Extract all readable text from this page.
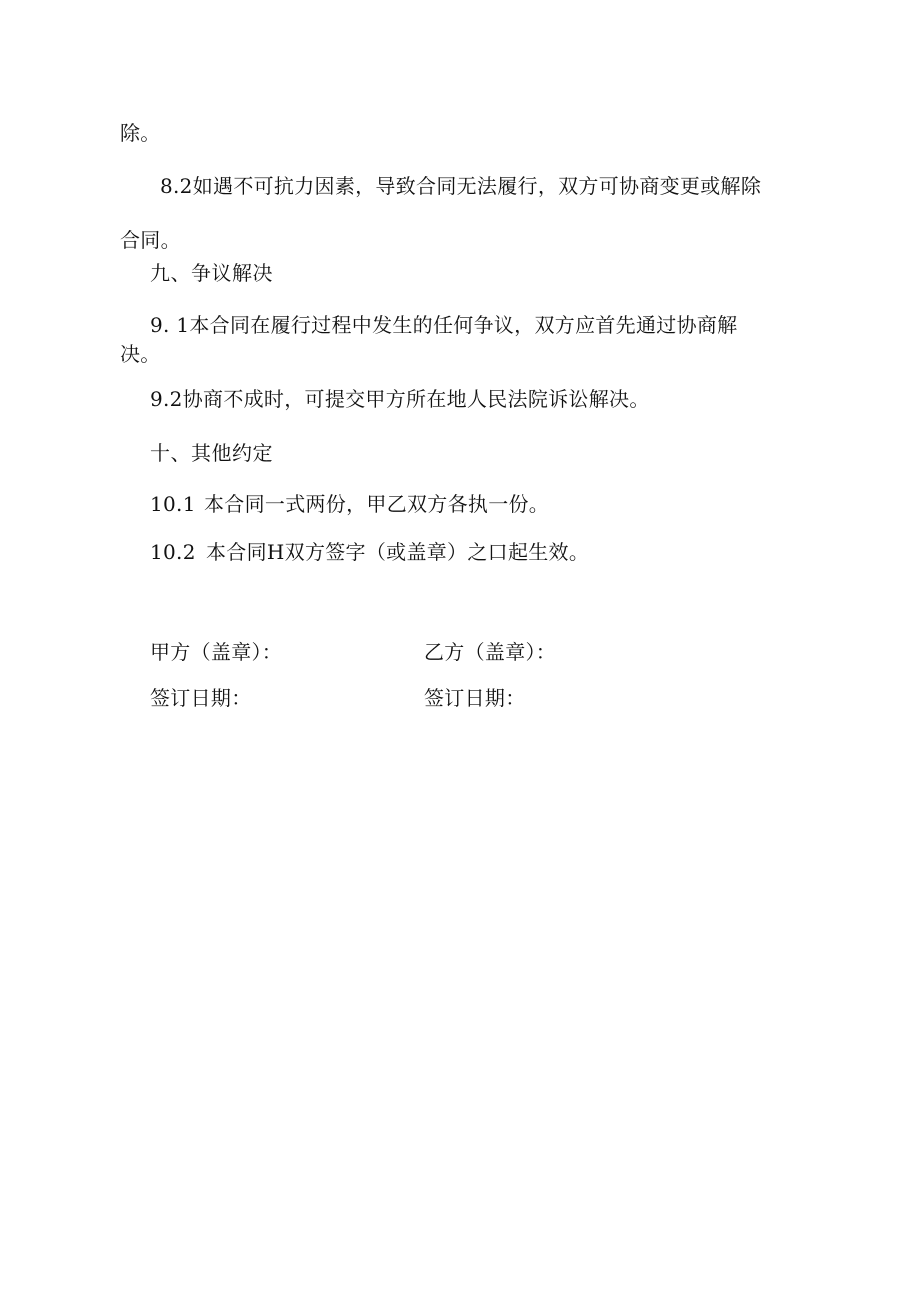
除。
8.2如遇不可抗力因素，导致合同无法履行，双方可协商变更或解除
合同。
九、争议解决
9. 1本合同在履行过程中发生的任何争议，双方应首先通过协商解
决。
9.2协商不成时，可提交甲方所在地人民法院诉讼解决。
十、其他约定
10.1 本合同一式两份，甲乙双方各执一份。
10.2 本合同H双方签字（或盖章）之口起生效。
甲方（盖章）：	乙方（盖章）：
签订日期：	签订日期：
